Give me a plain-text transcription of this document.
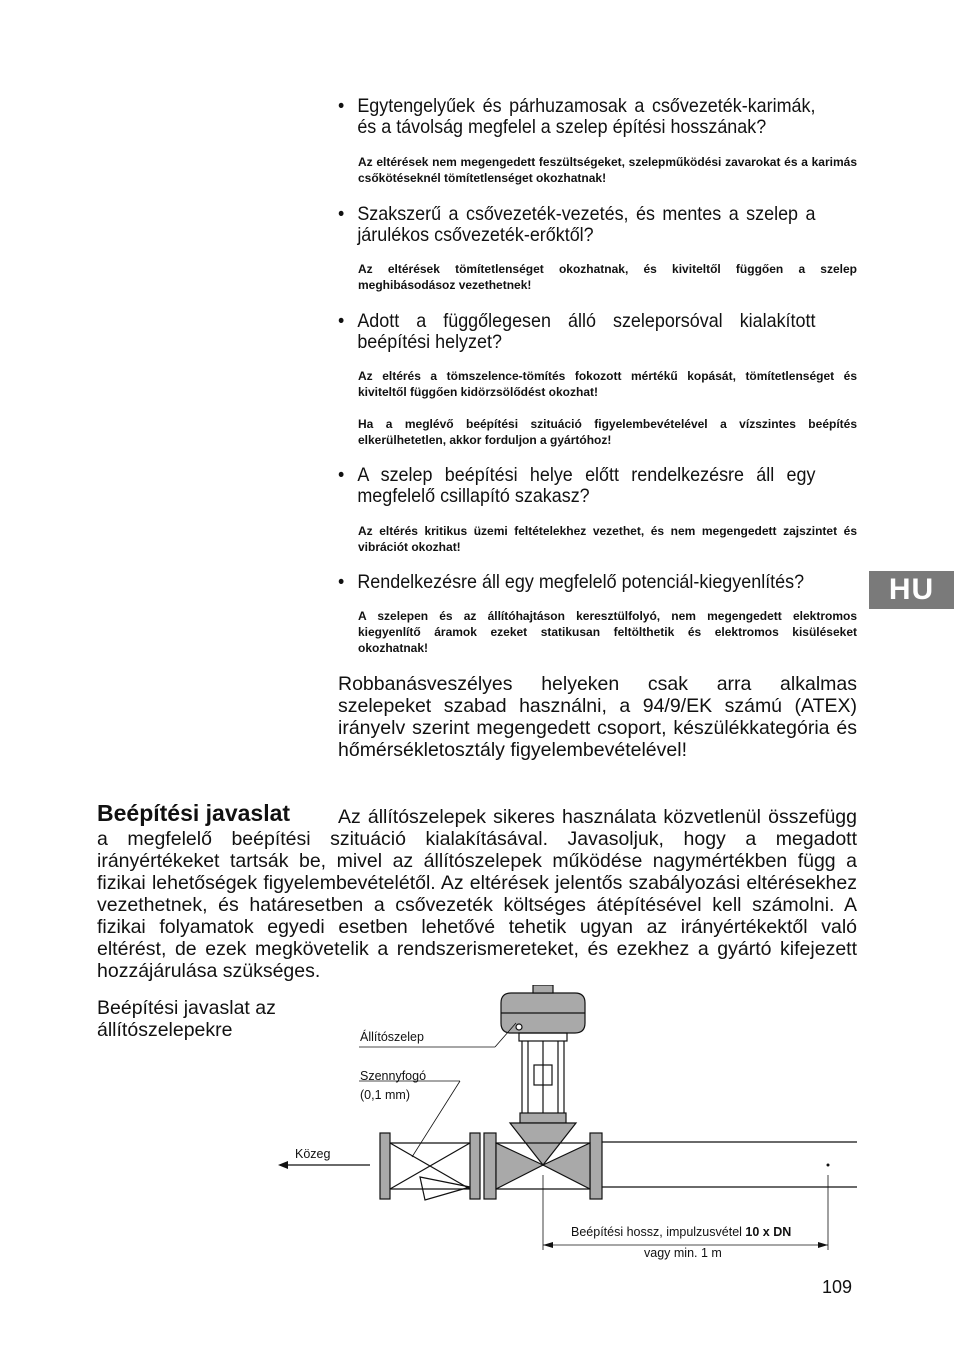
• Egytengelyűek és párhuzamosak a csővezeték-karimák, és a távolság megfelel a szelep építési hosszának?
Az eltérések nem megengedett feszültségeket, szelepműködési zavarokat és a karimás csőkötéseknél tömítetlenséget okozhatnak!
• Szakszerű a csővezeték-vezetés, és mentes a szelep a járulékos csővezeték-erőktől?
Az eltérések tömítetlenséget okozhatnak, és kiviteltől függően a szelep meghibásodásoz vezethetnek!
• Adott a függőlegesen álló szeleporsóval kialakított beépítési helyzet?
Az eltérés a tömszelence-tömítés fokozott mértékű kopását, tömítetlenséget és kiviteltől függően kidörzsölődést okozhat!
Ha a meglévő beépítési szituáció figyelembevételével a vízszintes beépítés elkerülhetetlen, akkor forduljon a gyártóhoz!
• A szelep beépítési helye előtt rendelkezésre áll egy megfelelő csillapító szakasz?
Az eltérés kritikus üzemi feltételekhez vezethet, és nem megengedett zajszintet és vibrációt okozhat!
• Rendelkezésre áll egy megfelelő potenciál-kiegyenlítés?
A szelepen és az állítóhajtáson keresztülfolyó, nem megengedett elektromos kiegyenlítő áramok ezeket statikusan feltölthetik és elektromos kisüléseket okozhatnak!
Robbanásveszélyes helyeken csak arra alkalmas szelepeket szabad használni, a 94/9/EK számú (ATEX) irányelv szerint megengedett csoport, készülékkategória és hőmérsékletosztály figyelembevételével!
HU
Beépítési javaslat	Az állítószelepek sikeres használata közvetlenül összefügg a megfelelő beépítési szituáció kialakításával. Javasoljuk, hogy a megadott irányértékeket tartsák be, mivel az állítószelepek működése nagymértékben függ a fizikai lehetőségek figyelembevételétől. Az eltérések jelentős szabályozási eltérésekhez vezethetnek, és határesetben a csővezeték költséges átépítésével kell számolni. A fizikai folyamatok egyedi esetben lehetővé tehetik ugyan az irányértékektől való eltérést, de ezek megkövetelik a rendszerismereteket, és ezekhez a gyártó kifejezett hozzájárulása szükséges.
Beépítési javaslat az állítószelepekre	Állítószelep
Szennyfogó
(0,1 mm)
Közeg
Beépítési hossz, impulzusvétel 10 x DN
vagy min. 1 m
109
